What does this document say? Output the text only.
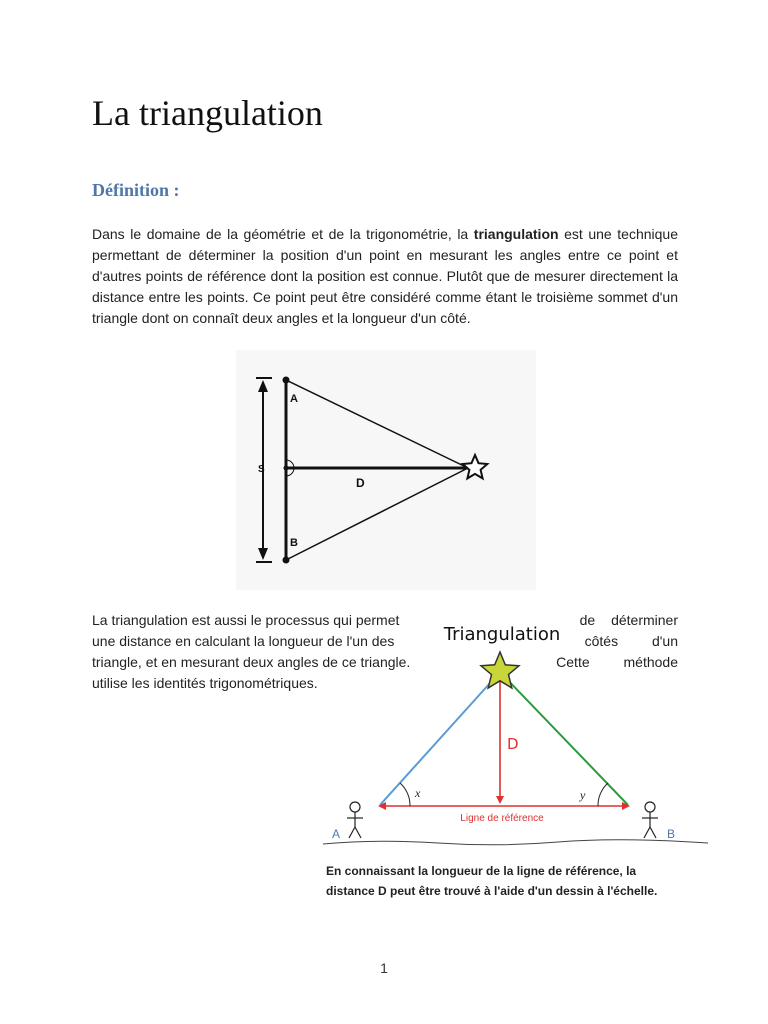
La triangulation
Définition :

Dans le domaine de la géométrie et de la trigonométrie, la triangulation est une technique permettant de déterminer la position d'un point en mesurant les angles entre ce point et d'autres points de référence dont la position est connue. Plutôt que de mesurer directement la distance entre les points. Ce point peut être considéré comme étant le troisième sommet d'un triangle dont on connaît deux angles et la longueur d'un côté.

A
B
S
D
La triangulation est aussi le processus qui permet	de déterminer
une distance en calculant la longueur de l'un des	côtés d'un
triangle, et en mesurant deux angles de ce triangle.	Cette méthode
utilise les identités trigonométriques.
Triangulation
D
Ligne de référence
x	y
A	B
En connaissant la longueur de la ligne de référence, la
distance D peut être trouvé à l'aide d'un dessin à l'échelle.
1
